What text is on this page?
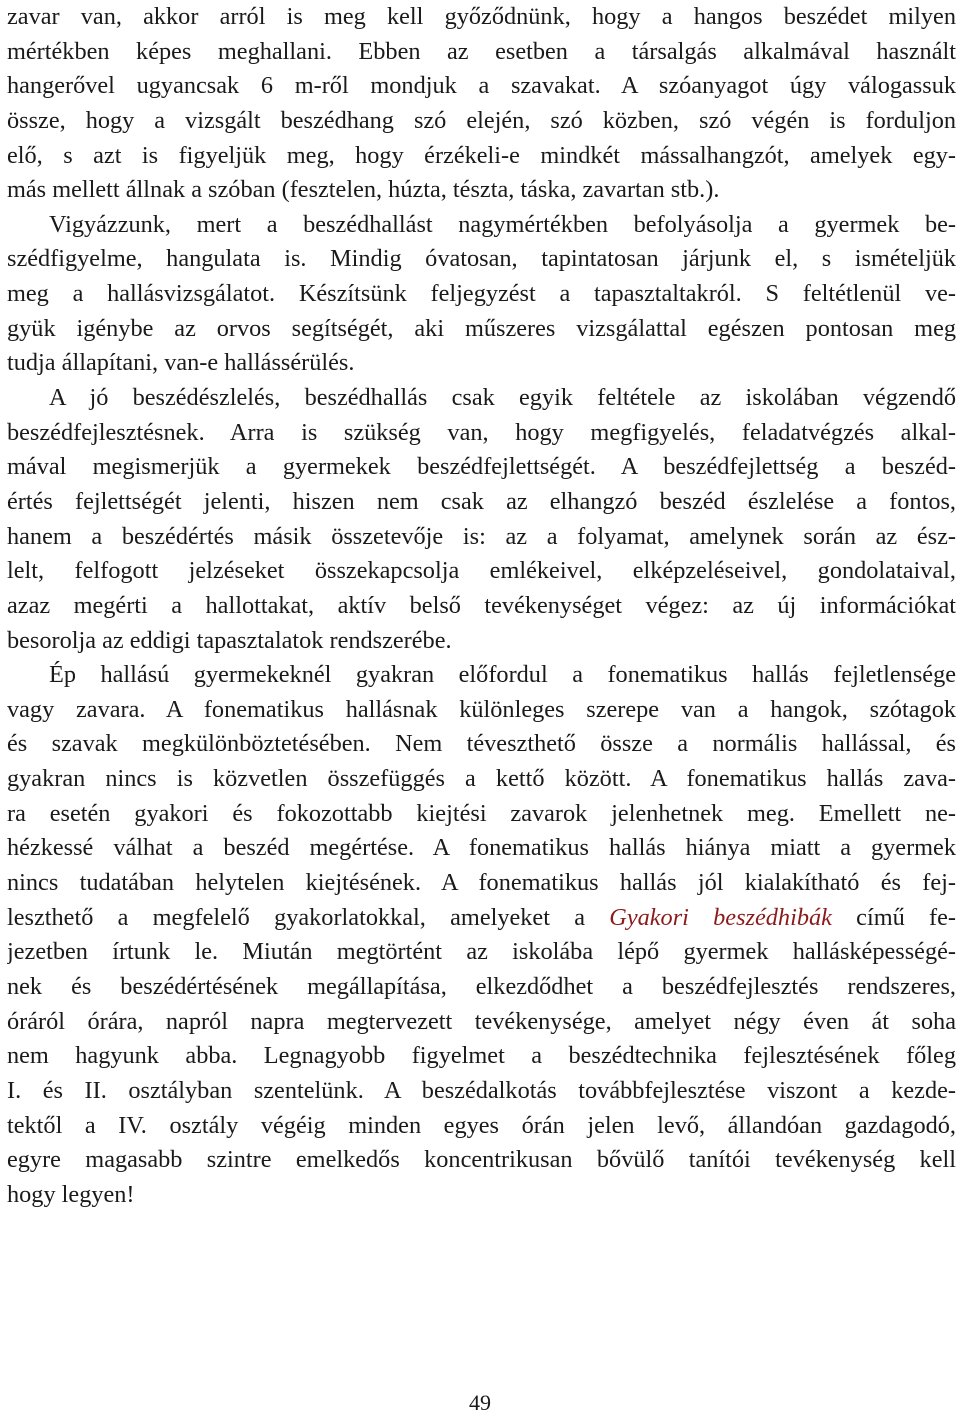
zavar van, akkor arról is meg kell győződnünk, hogy a hangos beszédet milyen
mértékben képes meghallani. Ebben az esetben a társalgás alkalmával használt
hangerővel ugyancsak 6 m-ről mondjuk a szavakat. A szóanyagot úgy válogassuk
össze, hogy a vizsgált beszédhang szó elején, szó közben, szó végén is forduljon
elő, s azt is figyeljük meg, hogy érzékeli-e mindkét mássalhangzót, amelyek egy-
más mellett állnak a szóban (fesztelen, húzta, tészta, táska, zavartan stb.).
Vigyázzunk, mert a beszédhallást nagymértékben befolyásolja a gyermek be-
szédfigyelme, hangulata is. Mindig óvatosan, tapintatosan járjunk el, s ismételjük
meg a hallásvizsgálatot. Készítsünk feljegyzést a tapasztaltakról. S feltétlenül ve-
gyük igénybe az orvos segítségét, aki műszeres vizsgálattal egészen pontosan meg
tudja állapítani, van-e hallássérülés.
A jó beszédészlelés, beszédhallás csak egyik feltétele az iskolában végzendő
beszédfejlesztésnek. Arra is szükség van, hogy megfigyelés, feladatvégzés alkal-
mával megismerjük a gyermekek beszédfejlettségét. A beszédfejlettség a beszéd-
értés fejlettségét jelenti, hiszen nem csak az elhangzó beszéd észlelése a fontos,
hanem a beszédértés másik összetevője is: az a folyamat, amelynek során az ész-
lelt, felfogott jelzéseket összekapcsolja emlékeivel, elképzeléseivel, gondolataival,
azaz megérti a hallottakat, aktív belső tevékenységet végez: az új információkat
besorolja az eddigi tapasztalatok rendszerébe.
Ép hallású gyermekeknél gyakran előfordul a fonematikus hallás fejletlensége
vagy zavara. A fonematikus hallásnak különleges szerepe van a hangok, szótagok
és szavak megkülönböztetésében. Nem téveszthető össze a normális hallással, és
gyakran nincs is közvetlen összefüggés a kettő között. A fonematikus hallás zava-
ra esetén gyakori és fokozottabb kiejtési zavarok jelenhetnek meg. Emellett ne-
hézkessé válhat a beszéd megértése. A fonematikus hallás hiánya miatt a gyermek
nincs tudatában helytelen kiejtésének. A fonematikus hallás jól kialakítható és fej-
leszthető a megfelelő gyakorlatokkal, amelyeket a Gyakori beszédhibák című fe-
jezetben írtunk le. Miután megtörtént az iskolába lépő gyermek hallásképességé-
nek és beszédértésének megállapítása, elkezdődhet a beszédfejlesztés rendszeres,
óráról órára, napról napra megtervezett tevékenysége, amelyet négy éven át soha
nem hagyunk abba. Legnagyobb figyelmet a beszédtechnika fejlesztésének főleg
I. és II. osztályban szentelünk. A beszédalkotás továbbfejlesztése viszont a kezde-
tektől a IV. osztály végéig minden egyes órán jelen levő, állandóan gazdagodó,
egyre magasabb szintre emelkedős koncentrikusan bővülő tanítói tevékenység kell
hogy legyen!
49
